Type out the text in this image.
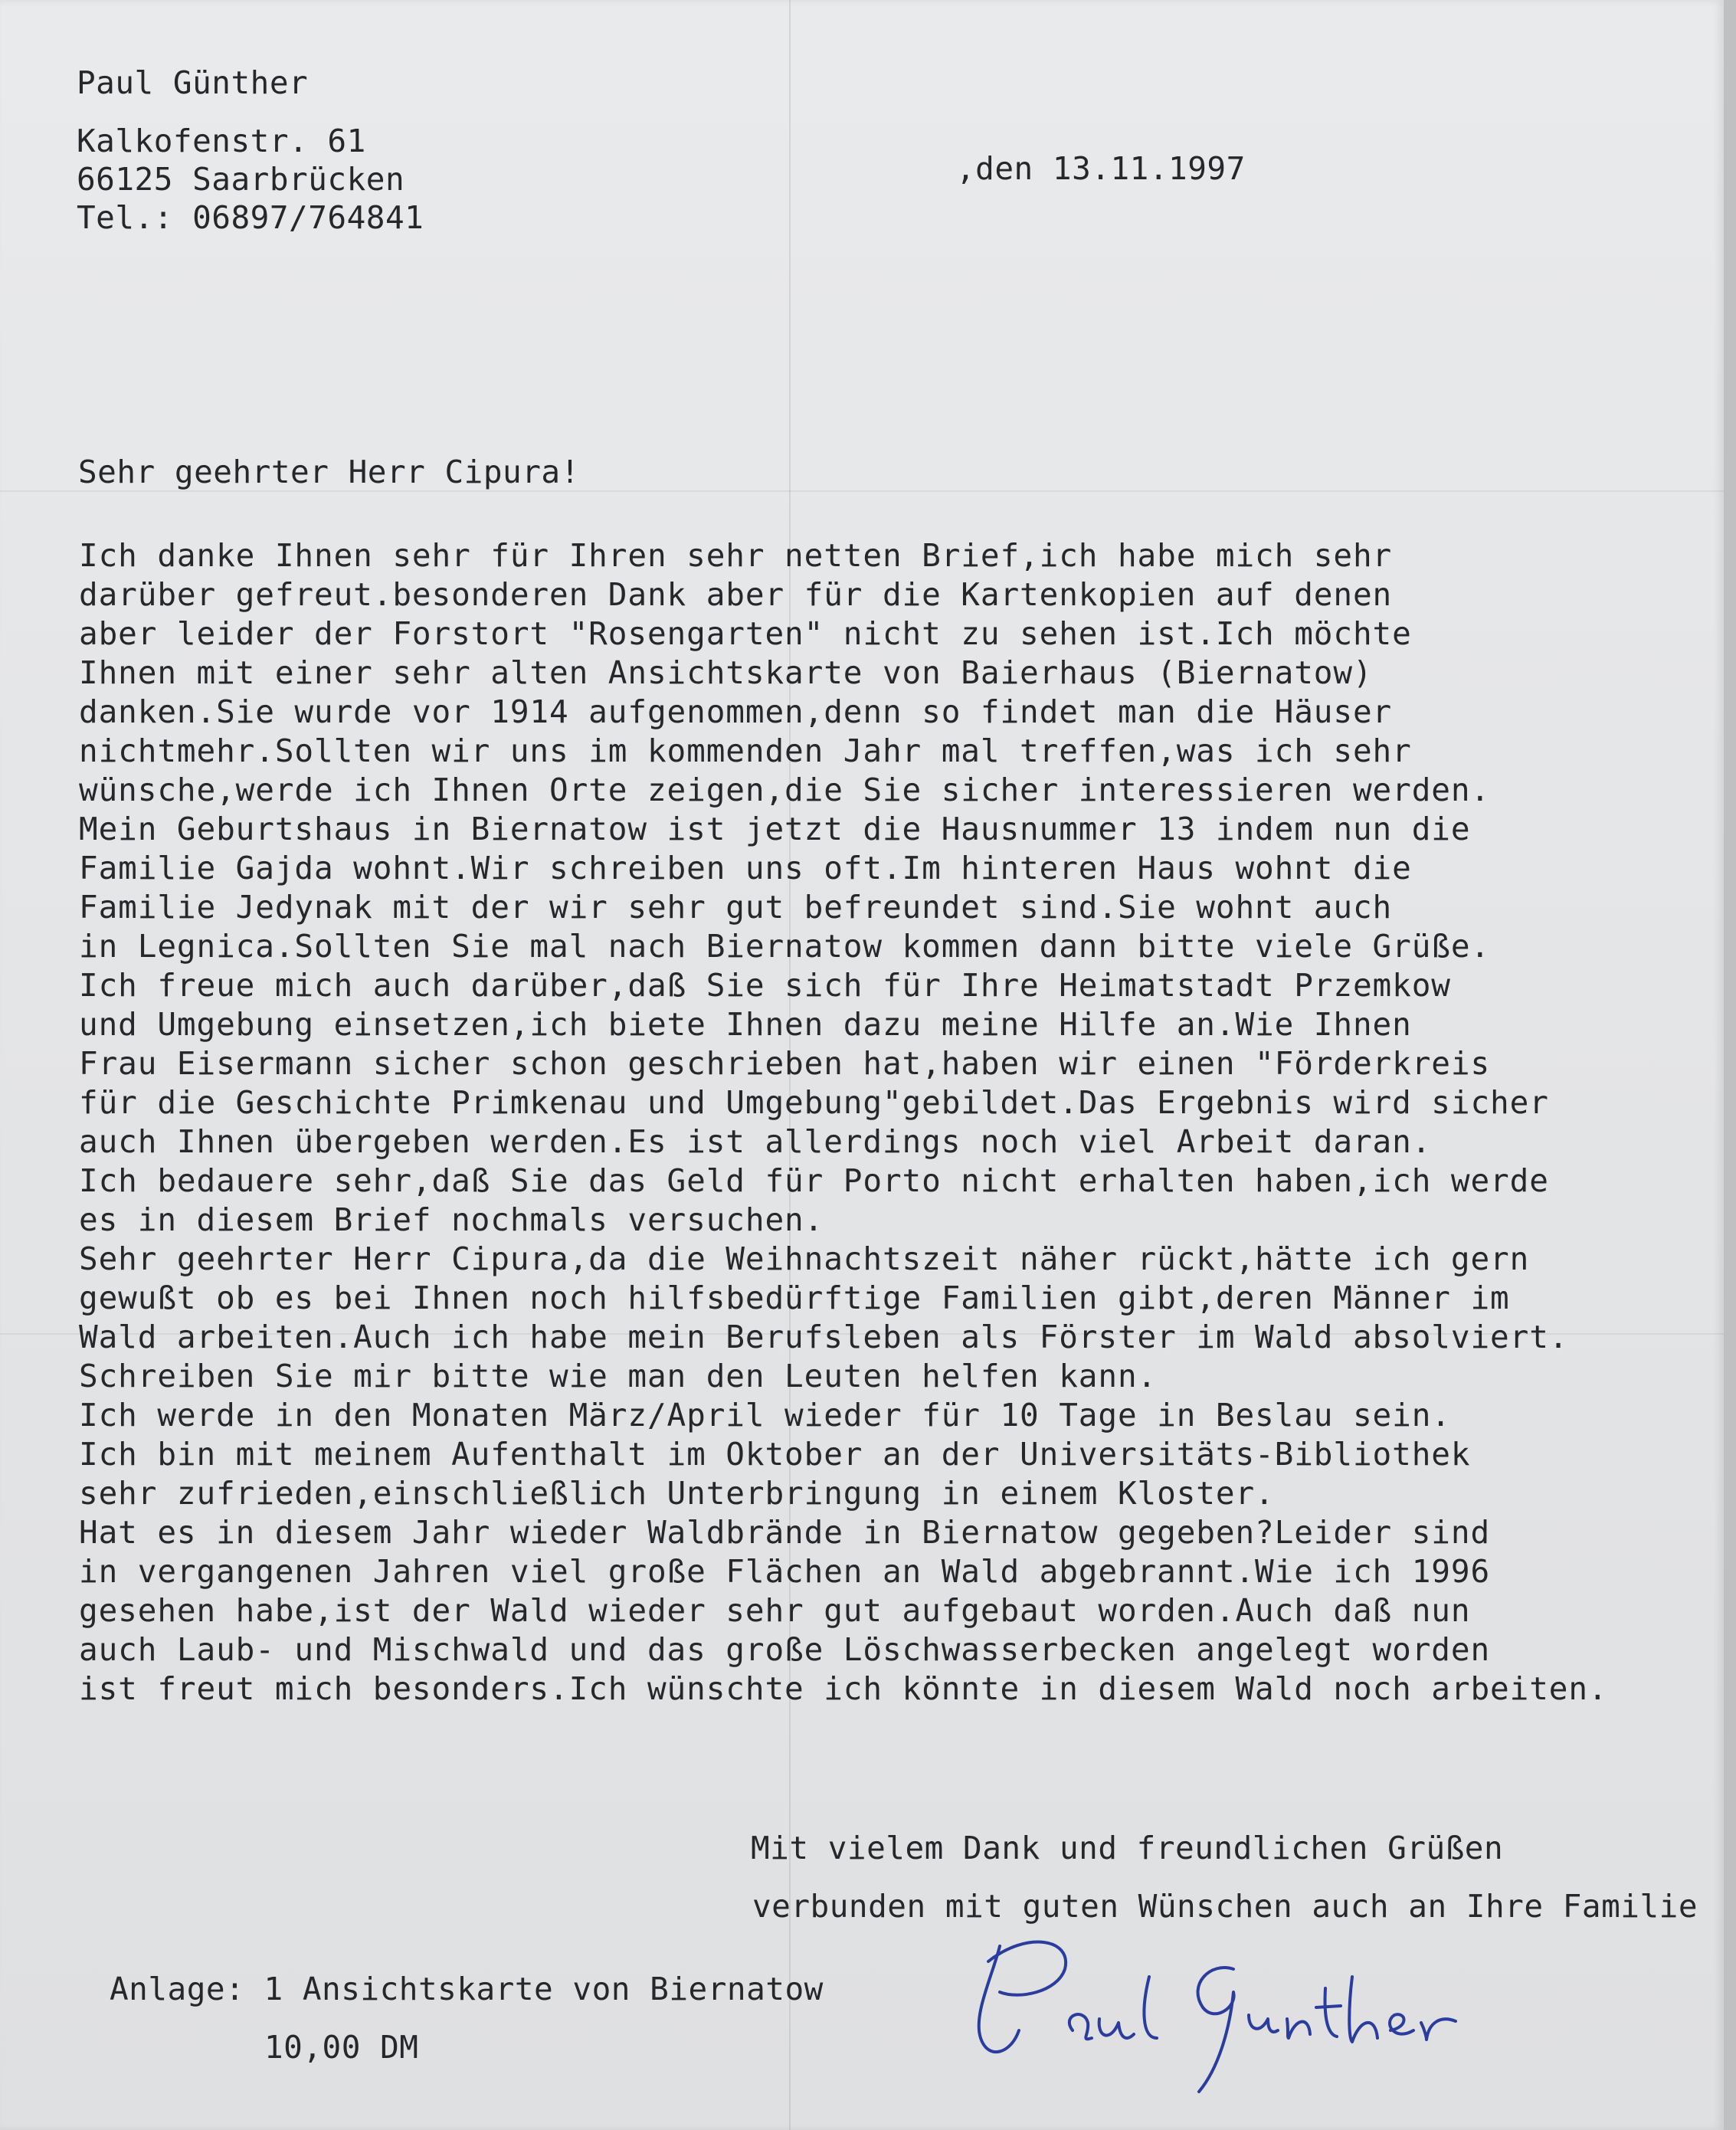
Paul Günther
Kalkofenstr. 61
66125 Saarbrücken
Tel.: 06897/764841
,den 13.11.1997
Sehr geehrter Herr Cipura!
Ich danke Ihnen sehr für Ihren sehr netten Brief,ich habe mich sehr
darüber gefreut.besonderen Dank aber für die Kartenkopien auf denen
aber leider der Forstort "Rosengarten" nicht zu sehen ist.Ich möchte
Ihnen mit einer sehr alten Ansichtskarte von Baierhaus (Biernatow)
danken.Sie wurde vor 1914 aufgenommen,denn so findet man die Häuser
nichtmehr.Sollten wir uns im kommenden Jahr mal treffen,was ich sehr
wünsche,werde ich Ihnen Orte zeigen,die Sie sicher interessieren werden.
Mein Geburtshaus in Biernatow ist jetzt die Hausnummer 13 indem nun die
Familie Gajda wohnt.Wir schreiben uns oft.Im hinteren Haus wohnt die
Familie Jedynak mit der wir sehr gut befreundet sind.Sie wohnt auch
in Legnica.Sollten Sie mal nach Biernatow kommen dann bitte viele Grüße.
Ich freue mich auch darüber,daß Sie sich für Ihre Heimatstadt Przemkow
und Umgebung einsetzen,ich biete Ihnen dazu meine Hilfe an.Wie Ihnen
Frau Eisermann sicher schon geschrieben hat,haben wir einen "Förderkreis
für die Geschichte Primkenau und Umgebung"gebildet.Das Ergebnis wird sicher
auch Ihnen übergeben werden.Es ist allerdings noch viel Arbeit daran.
Ich bedauere sehr,daß Sie das Geld für Porto nicht erhalten haben,ich werde
es in diesem Brief nochmals versuchen.
Sehr geehrter Herr Cipura,da die Weihnachtszeit näher rückt,hätte ich gern
gewußt ob es bei Ihnen noch hilfsbedürftige Familien gibt,deren Männer im
Wald arbeiten.Auch ich habe mein Berufsleben als Förster im Wald absolviert.
Schreiben Sie mir bitte wie man den Leuten helfen kann.
Ich werde in den Monaten März/April wieder für 10 Tage in Beslau sein.
Ich bin mit meinem Aufenthalt im Oktober an der Universitäts-Bibliothek
sehr zufrieden,einschließlich Unterbringung in einem Kloster.
Hat es in diesem Jahr wieder Waldbrände in Biernatow gegeben?Leider sind
in vergangenen Jahren viel große Flächen an Wald abgebrannt.Wie ich 1996
gesehen habe,ist der Wald wieder sehr gut aufgebaut worden.Auch daß nun
auch Laub- und Mischwald und das große Löschwasserbecken angelegt worden
ist freut mich besonders.Ich wünschte ich könnte in diesem Wald noch arbeiten.
Mit vielem Dank und freundlichen Grüßen
verbunden mit guten Wünschen auch an Ihre Familie
Anlage: 1 Ansichtskarte von Biernatow
10,00 DM
